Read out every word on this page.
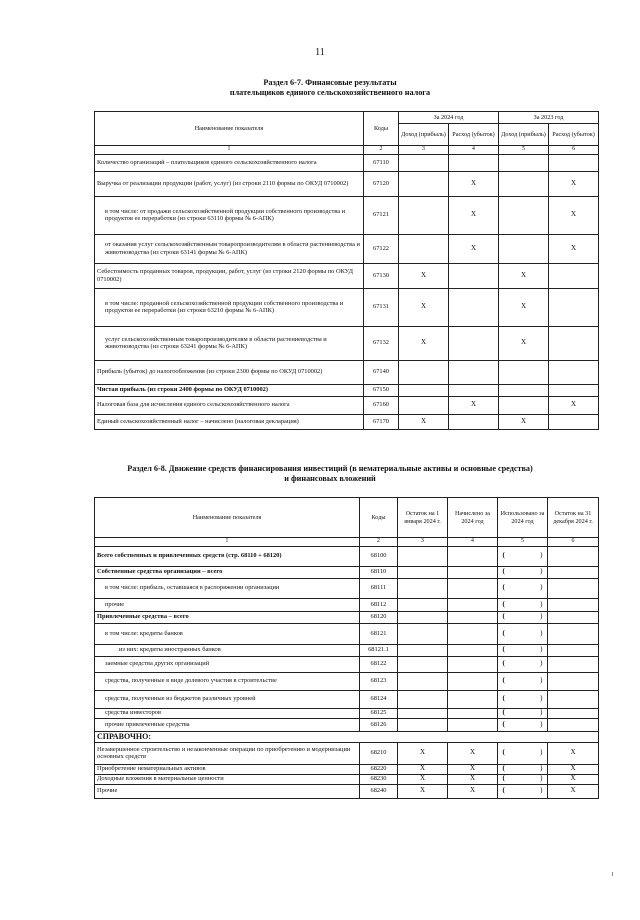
11
Раздел 6-7. Финансовые результаты
плательщиков единого сельскохозяйственного налога
Наименование показателя	Коды	За 2024 год		За 2023 год	
		Доход (прибыль)	Расход (убыток)	Доход (прибыль)	Расход (убыток)
1	2	3	4	5	6
Количество организаций – плательщиков единого сельскохозяйственного налога	67110				
Выручка от реализации продукции (работ, услуг) (из строки 2110 формы по ОКУД 0710002)	67120		X		X
в том числе: от продажи сельскохозяйственной продукции собственного производства и продуктов ее переработки (из строки 63110 формы № 6-АПК)	67121		X		X
от оказания услуг сельскохозяйственным товаропроизводителям в области растениеводства и животноводства (из строки 63141 формы № 6-АПК)	67122		X		X
Себестоимость проданных товаров, продукции, работ, услуг (из строки 2120 формы по ОКУД 0710002)	67130	X		X	
в том числе: проданной сельскохозяйственной продукции собственного производства и продуктов ее переработки (из строки 63210 формы № 6-АПК)	67131	X		X	
услуг сельскохозяйственным товаропроизводителям в области растениеводства и животноводства (из строки 63241 формы № 6-АПК)	67132	X		X	
Прибыль (убыток) до налогообложения (из строки 2300 формы по ОКУД 0710002)	67140				
Чистая прибыль (из строки 2400 формы по ОКУД 0710002)	67150				
Налоговая база для исчисления единого сельскохозяйственного налога	67160		X		X
Единый сельскохозяйственный налог – начислено (налоговая декларация)	67170	X		X	
Раздел 6-8. Движение средств финансирования инвестиций (в нематериальные активы и основные средства)
и финансовых вложений
Наименование показателя	Коды	Остаток на 1 января 2024 г.	Начислено за 2024 год	Использовано за 2024 год	Остаток на 31 декабря 2024 г.
1	2	3	4	5	6
Всего собственных и привлеченных средств (стр. 68110 + 68120)	68100			( )	

Собственные средства организации – всего	68110			( )	

в том числе: прибыль, оставшаяся в распоряжении организации	68111			( )	

прочие	68112			( )	

Привлеченные средства – всего	68120			( )	

в том числе: кредиты банков	68121			( )	

из них: кредиты иностранных банков	68121.1			( )	

заемные средства других организаций	68122			( )	

средства, полученные в виде долевого участия в строительстве	68123			( )	

средства, полученные из бюджетов различных уровней	68124			( )	

средства инвесторов	68125			( )	

прочие привлеченные средства	68126			( )	

СПРАВОЧНО:					
Незавершенное строительство и незаконченные операции по приобретению и модернизации основных средств	68210	X	X	( )	X
Приобретение нематериальных активов	68220	X	X	( )	X
Доходные вложения в материальные ценности	68230	X	X	( )	X
Прочие	68240	X	X	( )	X
